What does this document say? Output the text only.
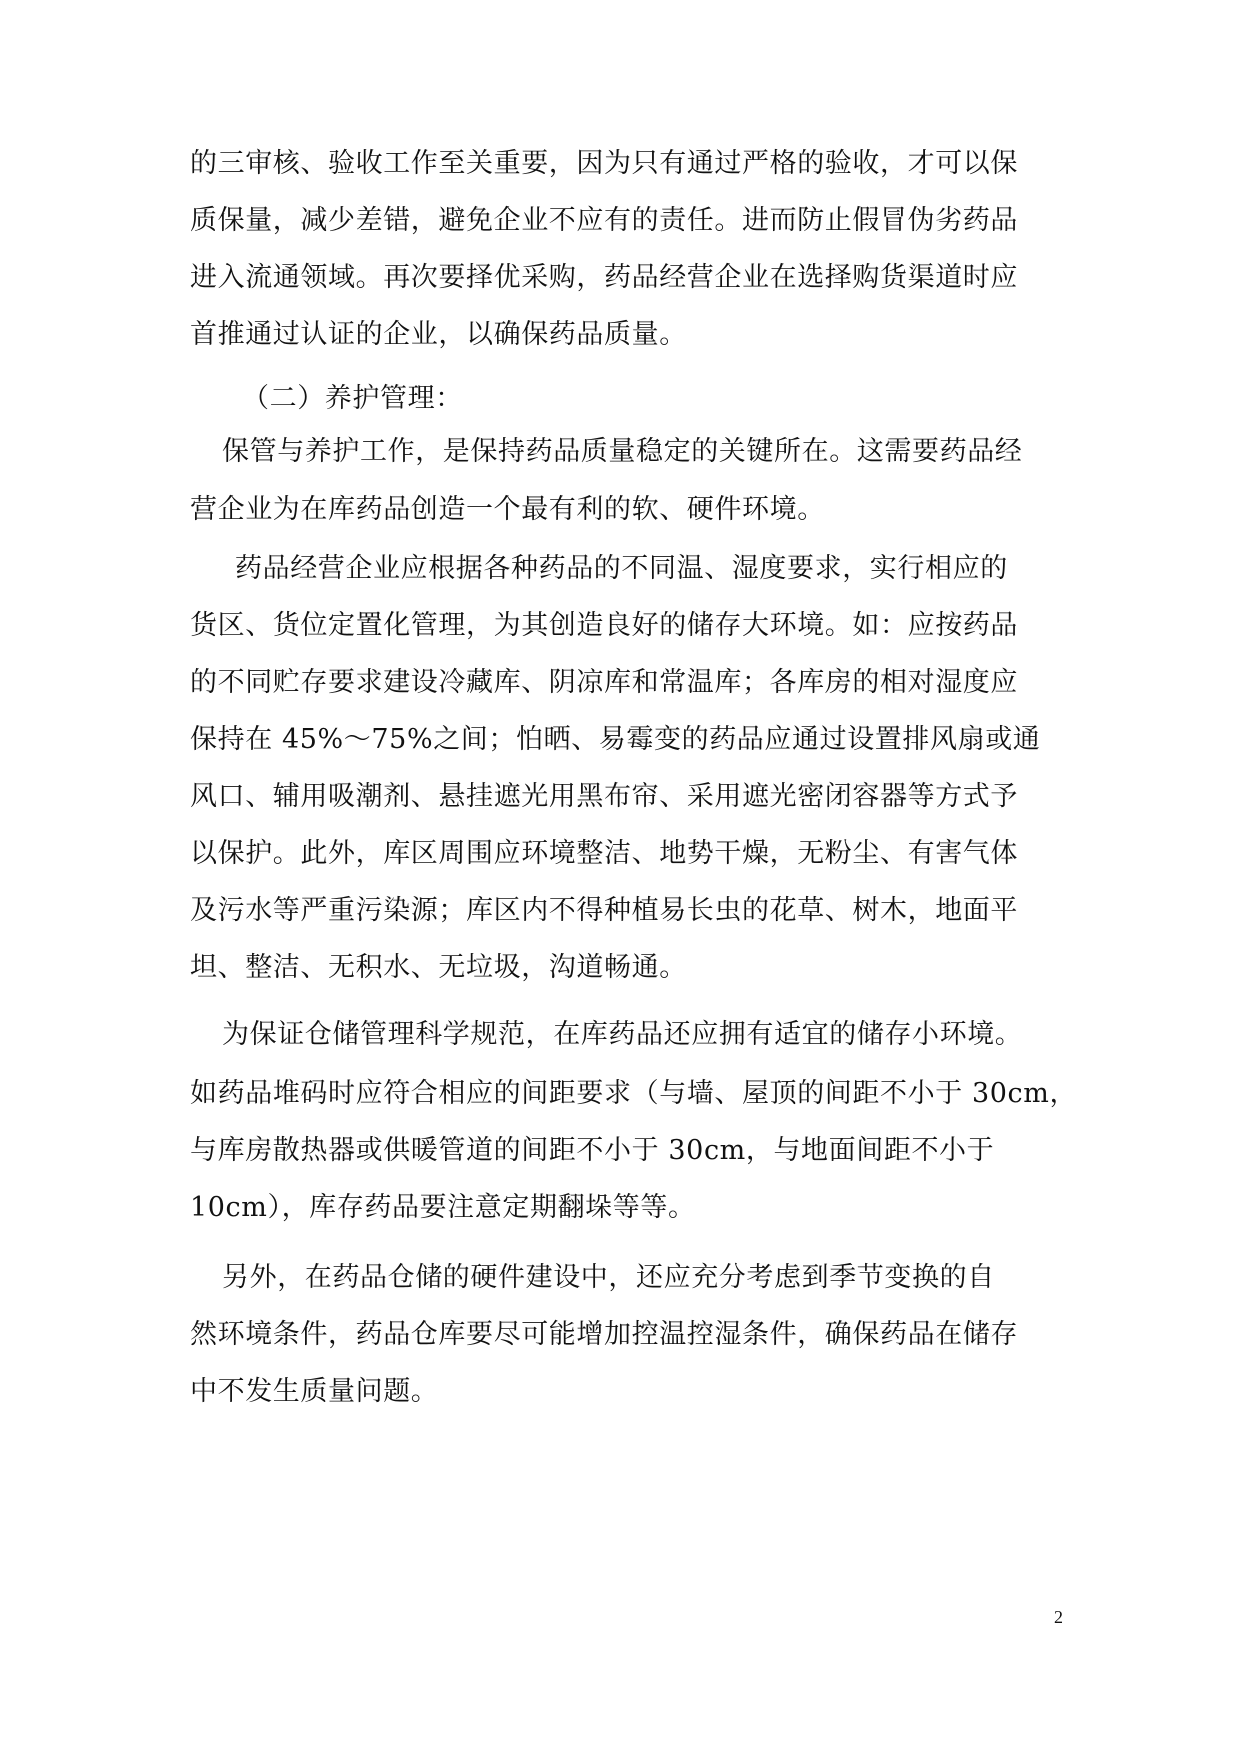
的三审核、验收工作至关重要，因为只有通过严格的验收，才可以保
质保量，减少差错，避免企业不应有的责任。进而防止假冒伪劣药品
进入流通领域。再次要择优采购，药品经营企业在选择购货渠道时应
首推通过认证的企业，以确保药品质量。
（二）养护管理：
保管与养护工作，是保持药品质量稳定的关键所在。这需要药品经
营企业为在库药品创造一个最有利的软、硬件环境。
药品经营企业应根据各种药品的不同温、湿度要求，实行相应的
货区、货位定置化管理，为其创造良好的储存大环境。如：应按药品
的不同贮存要求建设冷藏库、阴凉库和常温库；各库房的相对湿度应
保持在 45%～75%之间；怕晒、易霉变的药品应通过设置排风扇或通
风口、辅用吸潮剂、悬挂遮光用黑布帘、采用遮光密闭容器等方式予
以保护。此外，库区周围应环境整洁、地势干燥，无粉尘、有害气体
及污水等严重污染源；库区内不得种植易长虫的花草、树木，地面平
坦、整洁、无积水、无垃圾，沟道畅通。
为保证仓储管理科学规范，在库药品还应拥有适宜的储存小环境。
如药品堆码时应符合相应的间距要求（与墙、屋顶的间距不小于 30cm，
与库房散热器或供暖管道的间距不小于 30cm，与地面间距不小于
10cm），库存药品要注意定期翻垛等等。
另外，在药品仓储的硬件建设中，还应充分考虑到季节变换的自
然环境条件，药品仓库要尽可能增加控温控湿条件，确保药品在储存
中不发生质量问题。
2
